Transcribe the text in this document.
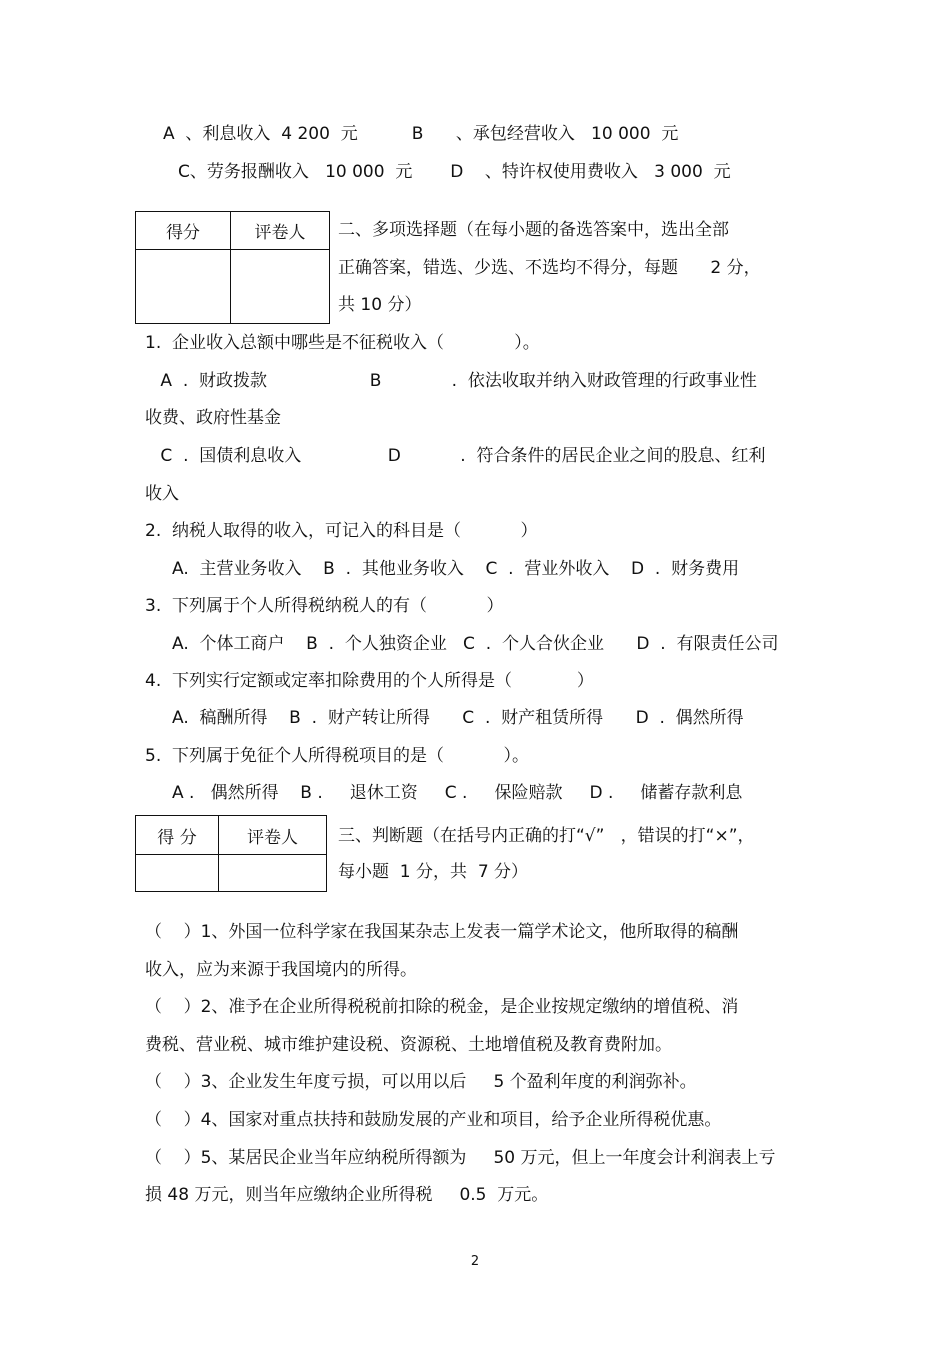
A  、利息收入  4 200  元          B      、承包经营收入   10 000  元
C、劳务报酬收入   10 000  元       D    、特许权使用费收入   3 000  元
得分	评卷人
	二、多项选择题（在每小题的备选答案中，选出全部
正确答案，错选、少选、不选均不得分，每题      2 分，
共 10 分）
1.  企业收入总额中哪些是不征税收入（             ）。
A  .  财政拨款                   B             .  依法收取并纳入财政管理的行政事业性
收费、政府性基金
C  .  国债利息收入                D           .  符合条件的居民企业之间的股息、红利
收入
2.  纳税人取得的收入，可记入的科目是（           ）
A.  主营业务收入    B  .  其他业务收入    C  .  营业外收入    D  .  财务费用
3.  下列属于个人所得税纳税人的有（           ）
A.  个体工商户    B  .  个人独资企业   C  .  个人合伙企业      D  .  有限责任公司
4.  下列实行定额或定率扣除费用的个人所得是（            ）
A.  稿酬所得    B  .  财产转让所得      C  .  财产租赁所得      D  .  偶然所得
5.  下列属于免征个人所得税项目的是（           ）。
A .   偶然所得    B .     退休工资     C .     保险赔款     D .     储蓄存款利息
得 分	评卷人
	三、判断题（在括号内正确的打“√”   ，错误的打“×”，
每小题  1 分，共  7 分）
（    ）1、外国一位科学家在我国某杂志上发表一篇学术论文，他所取得的稿酬
收入，应为来源于我国境内的所得。
（    ）2、准予在企业所得税税前扣除的税金，是企业按规定缴纳的增值税、消
费税、营业税、城市维护建设税、资源税、土地增值税及教育费附加。
（    ）3、企业发生年度亏损，可以用以后     5 个盈利年度的利润弥补。
（    ）4、国家对重点扶持和鼓励发展的产业和项目，给予企业所得税优惠。
（    ）5、某居民企业当年应纳税所得额为     50 万元，但上一年度会计利润表上亏
损 48 万元，则当年应缴纳企业所得税     0.5  万元。
2
